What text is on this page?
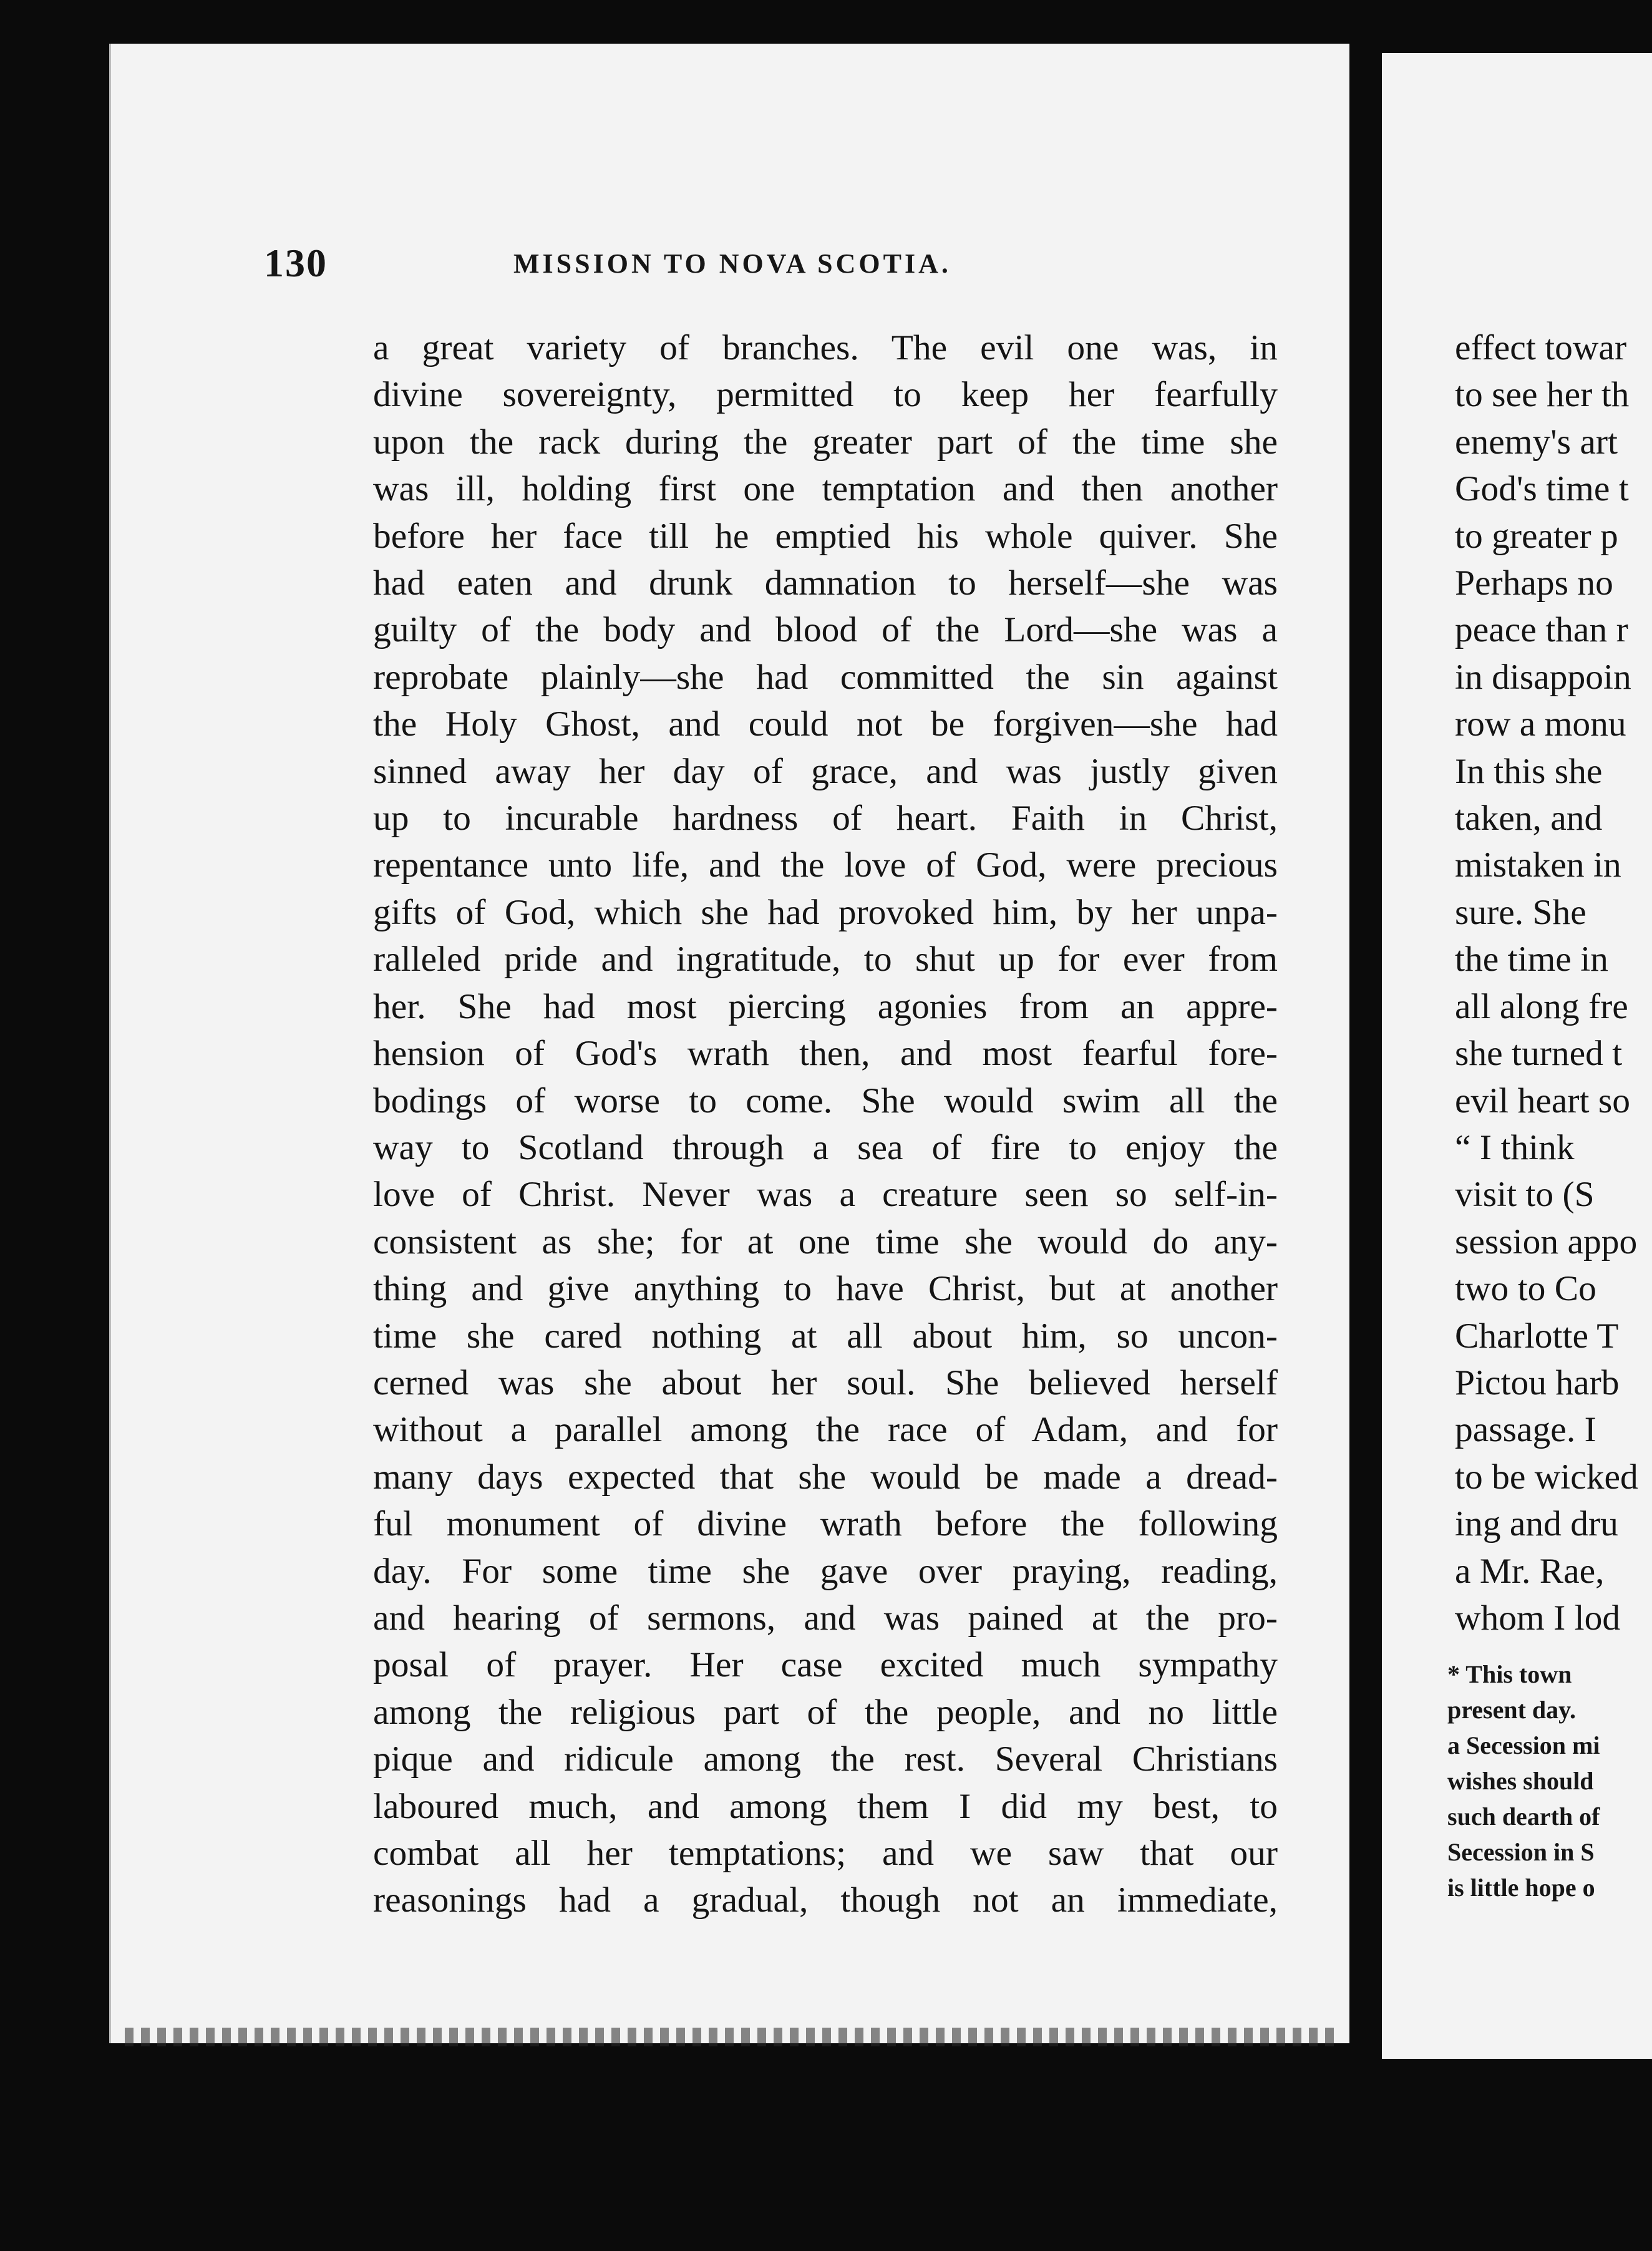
effect towar
to see her th
enemy's art
God's time t
to greater p
Perhaps no
peace than r
in disappoin
row a monu
In this she
taken, and
mistaken in
sure. She
the time in
all along fre
she turned t
evil heart so
“ I think
visit to (S
session appo
two to Co
Charlotte T
Pictou harb
passage. I
to be wicked
ing and dru
a Mr. Rae,
whom I lod
* This town
present day.
a Secession mi
wishes should
such dearth of
Secession in S
is little hope o
130	MISSION TO NOVA SCOTIA.
a great variety of branches. The evil one was, in
divine sovereignty, permitted to keep her fearfully
upon the rack during the greater part of the time she
was ill, holding first one temptation and then another
before her face till he emptied his whole quiver. She
had eaten and drunk damnation to herself—she was
guilty of the body and blood of the Lord—she was a
reprobate plainly—she had committed the sin against
the Holy Ghost, and could not be forgiven—she had
sinned away her day of grace, and was justly given
up to incurable hardness of heart. Faith in Christ,
repentance unto life, and the love of God, were precious
gifts of God, which she had provoked him, by her unpa-
ralleled pride and ingratitude, to shut up for ever from
her. She had most piercing agonies from an appre-
hension of God's wrath then, and most fearful fore-
bodings of worse to come. She would swim all the
way to Scotland through a sea of fire to enjoy the
love of Christ. Never was a creature seen so self-in-
consistent as she; for at one time she would do any-
thing and give anything to have Christ, but at another
time she cared nothing at all about him, so uncon-
cerned was she about her soul. She believed herself
without a parallel among the race of Adam, and for
many days expected that she would be made a dread-
ful monument of divine wrath before the following
day. For some time she gave over praying, reading,
and hearing of sermons, and was pained at the pro-
posal of prayer. Her case excited much sympathy
among the religious part of the people, and no little
pique and ridicule among the rest. Several Christians
laboured much, and among them I did my best, to
combat all her temptations; and we saw that our
reasonings had a gradual, though not an immediate,
